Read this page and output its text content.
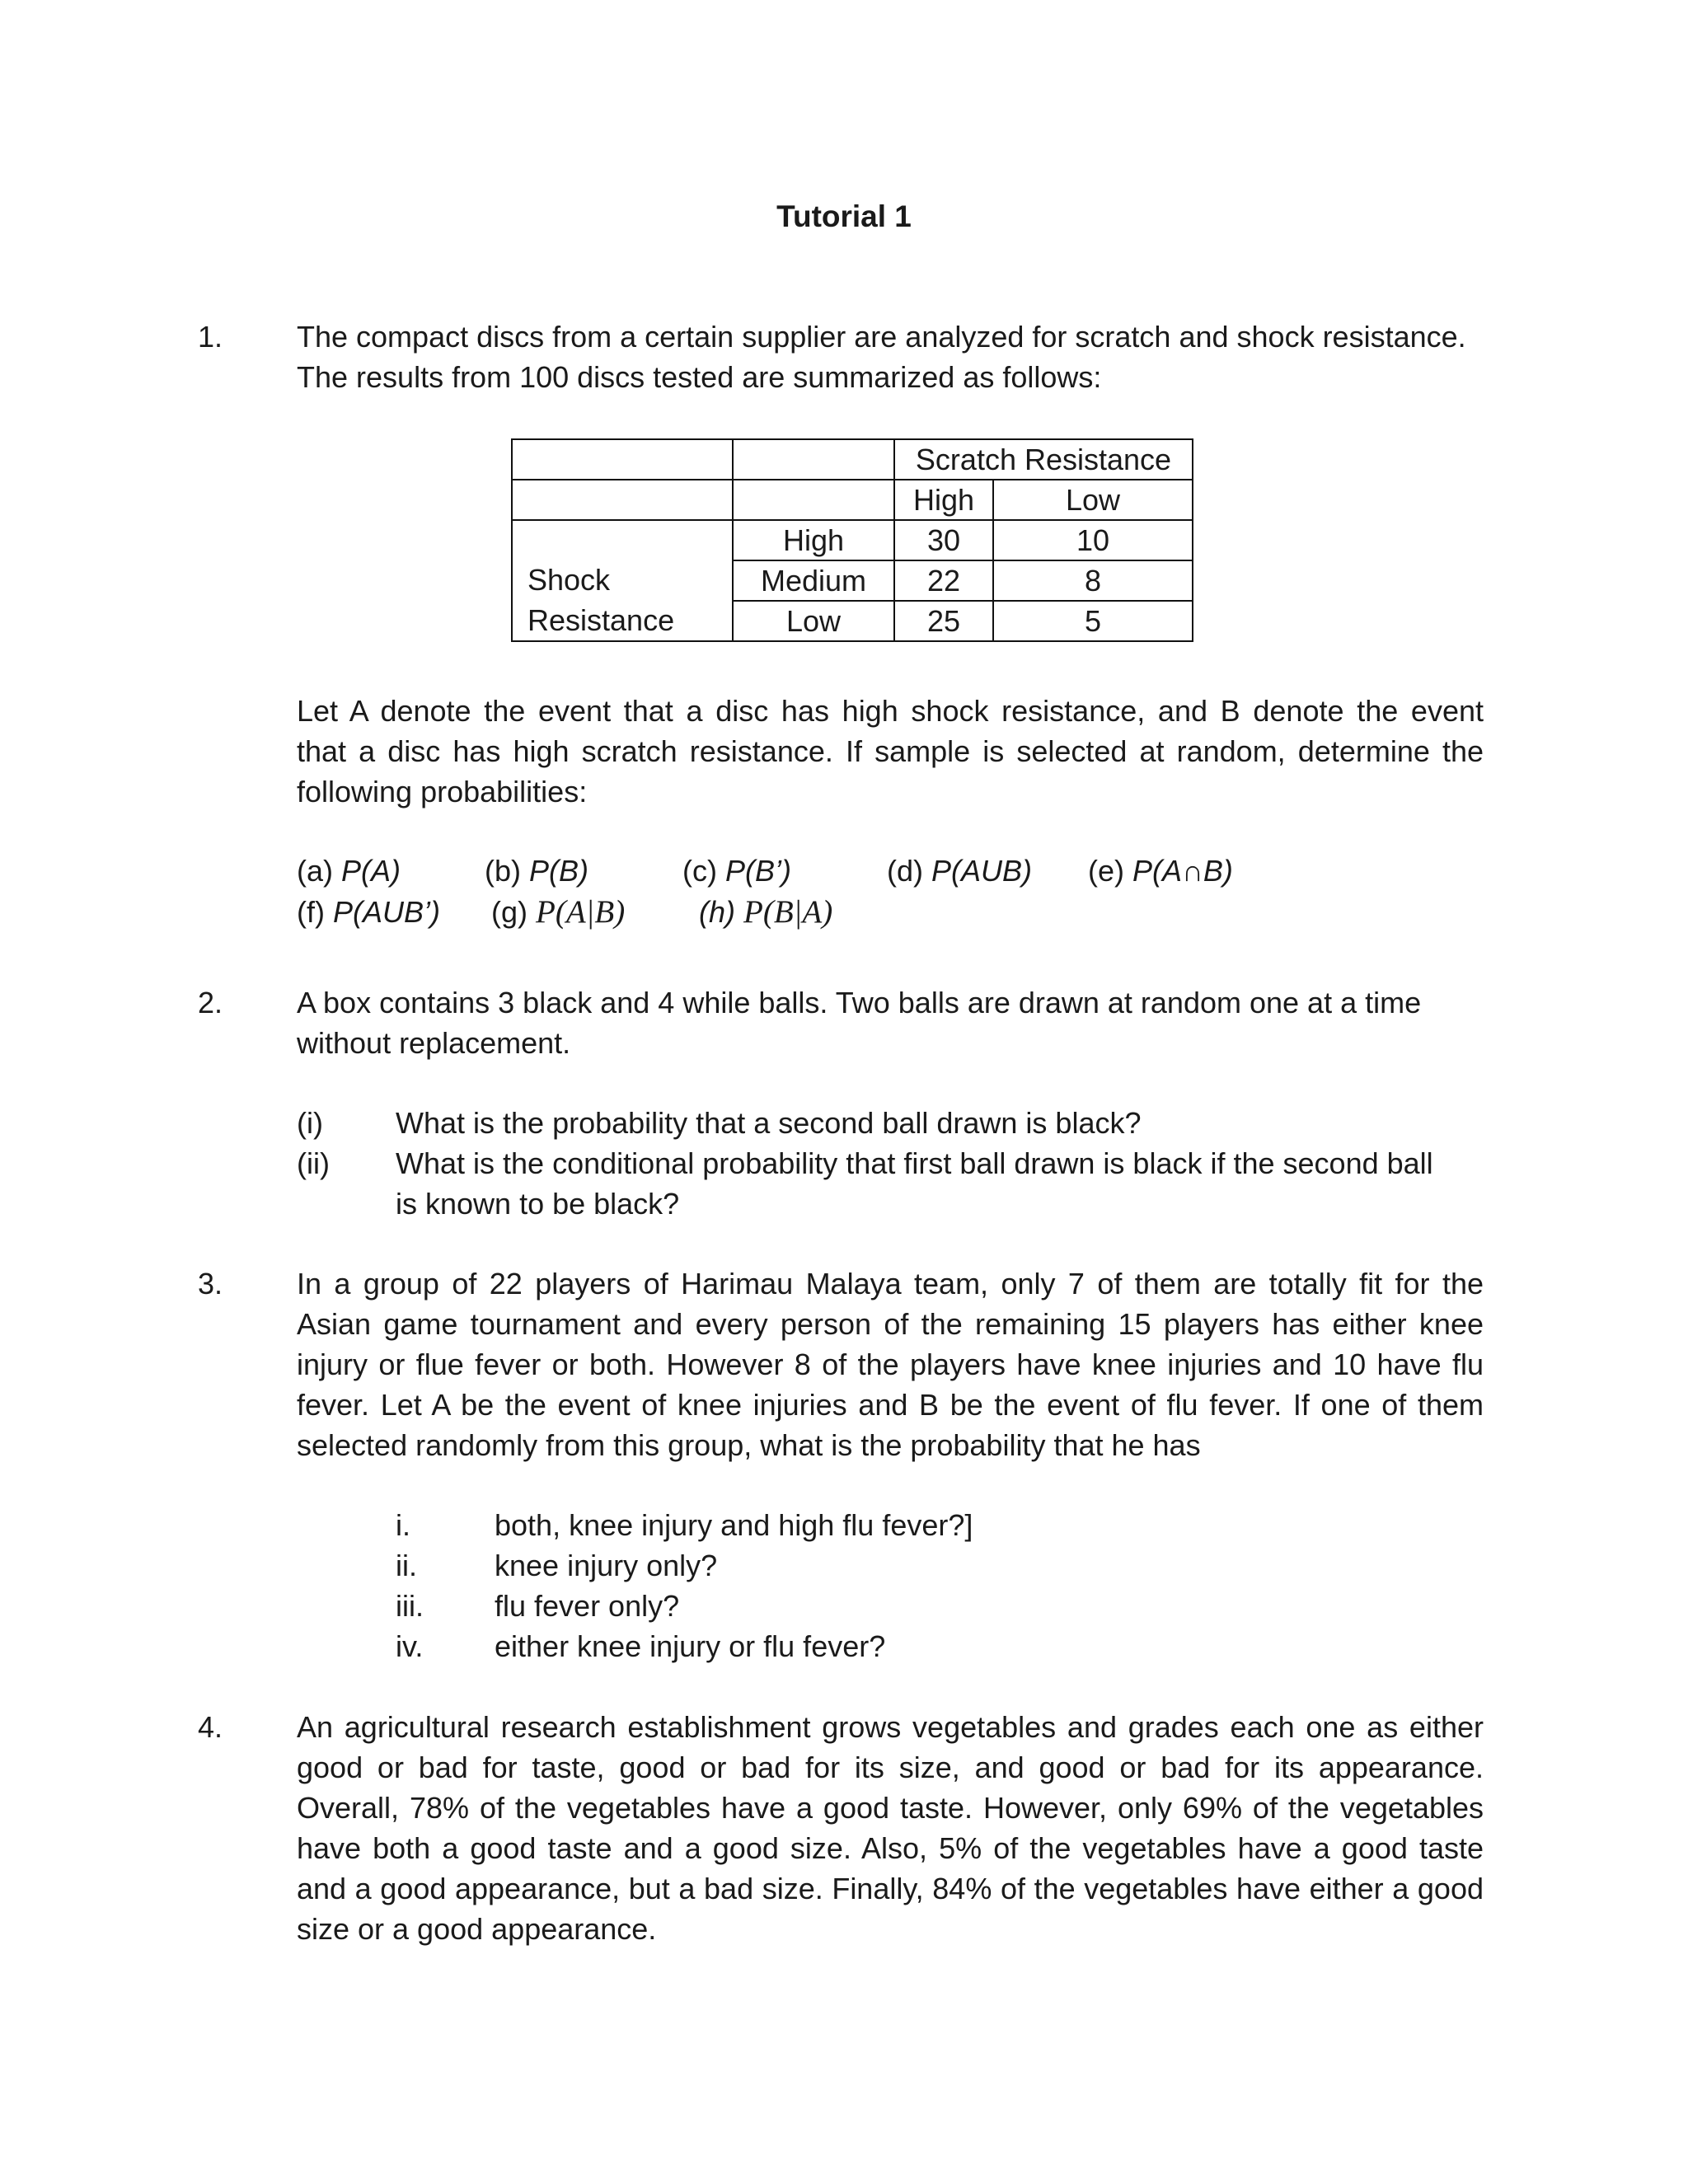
Tutorial 1
1.	The compact discs from a certain supplier are analyzed for scratch and shock resistance.
The results from 100 discs tested are summarized as follows:
		Scratch Resistance	
		High	Low

Shock
Resistance	High	30	10
	Medium	22	8
	Low	25	5
Let A denote the event that a disc has high shock resistance, and B denote the event
that a disc has high scratch resistance. If sample is selected at random, determine the
following probabilities:
(a) P(A)	(b) P(B)	(c) P(B’)	(d) P(AUB) (e) P(A∩B)
(f) P(AUB’) (g) P(A|B) (h) P(B|A)
2.	A box contains 3 black and 4 while balls. Two balls are drawn at random one at a time
without replacement.
(i) What is the probability that a second ball drawn is black?
(ii) What is the conditional probability that first ball drawn is black if the second ball
is known to be black?
3.	In a group of 22 players of Harimau Malaya team, only 7 of them are totally fit for the
Asian game tournament and every person of the remaining 15 players has either knee
injury or flue fever or both. However 8 of the players have knee injuries and 10 have flu
fever. Let A be the event of knee injuries and B be the event of flu fever. If one of them
selected randomly from this group, what is the probability that he has
i.	both, knee injury and high flu fever?]
ii.	knee injury only?
iii. flu fever only?
iv. either knee injury or flu fever?
4.	An agricultural research establishment grows vegetables and grades each one as either
good or bad for taste, good or bad for its size, and good or bad for its appearance.
Overall, 78% of the vegetables have a good taste. However, only 69% of the vegetables
have both a good taste and a good size. Also, 5% of the vegetables have a good taste
and a good appearance, but a bad size. Finally, 84% of the vegetables have either a good
size or a good appearance.
